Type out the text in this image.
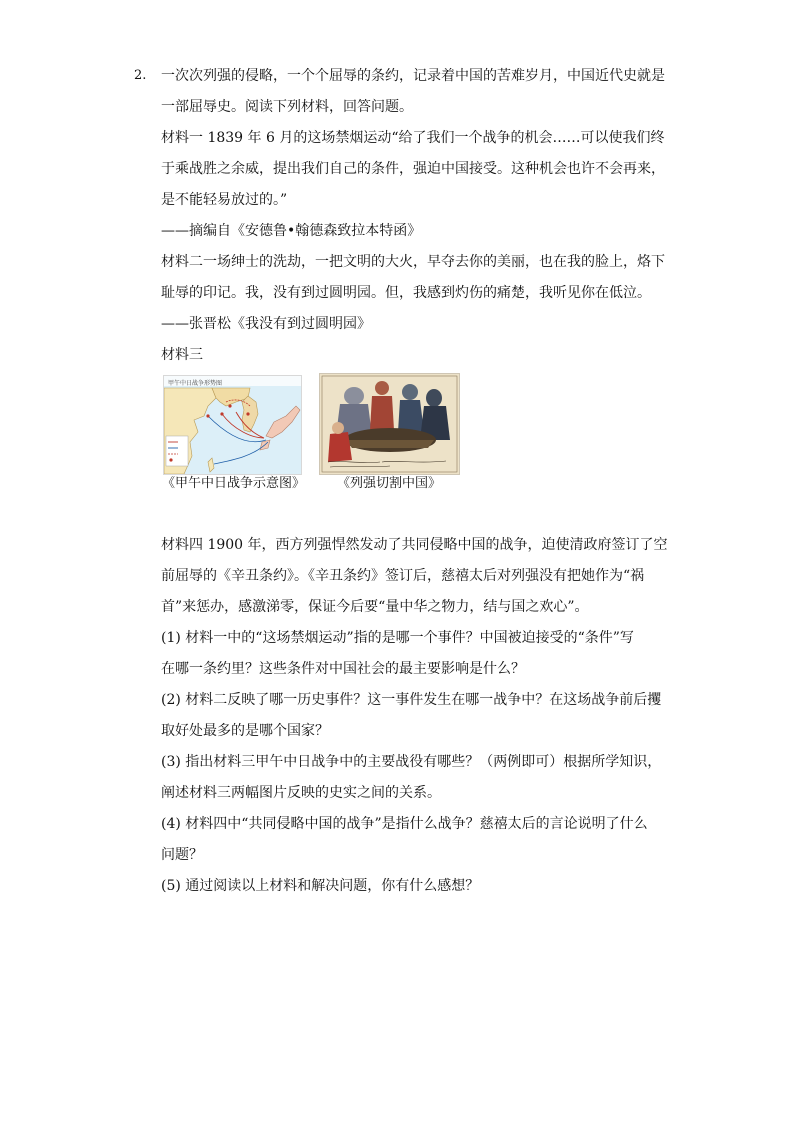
2. 一次次列强的侵略，一个个屈辱的条约，记录着中国的苦难岁月，中国近代史就是
一部屈辱史。阅读下列材料，回答问题。
材料一 1839 年 6 月的这场禁烟运动“给了我们一个战争的机会……可以使我们终
于乘战胜之余威，提出我们自己的条件，强迫中国接受。这种机会也许不会再来，
是不能轻易放过的。”
——摘编自《安德鲁•翰德森致拉本特函》
材料二一场绅士的洗劫，一把文明的大火，早夺去你的美丽，也在我的脸上，烙下
耻辱的印记。我，没有到过圆明园。但，我感到灼伤的痛楚，我听见你在低泣。
——张晋松《我没有到过圆明园》
材料三
甲午中日战争形势图
《甲午中日战争示意图》 《列强切割中国》
材料四 1900 年，西方列强悍然发动了共同侵略中国的战争，迫使清政府签订了空
前屈辱的《辛丑条约》。《辛丑条约》签订后，慈禧太后对列强没有把她作为“祸
首”来惩办，感激涕零，保证今后要“量中华之物力，结与国之欢心”。
(1) 材料一中的“这场禁烟运动”指的是哪一个事件？中国被迫接受的“条件”写
在哪一条约里？这些条件对中国社会的最主要影响是什么？
(2) 材料二反映了哪一历史事件？这一事件发生在哪一战争中？在这场战争前后攫
取好处最多的是哪个国家？
(3) 指出材料三甲午中日战争中的主要战役有哪些？（两例即可）根据所学知识，
阐述材料三两幅图片反映的史实之间的关系。
(4) 材料四中“共同侵略中国的战争”是指什么战争？慈禧太后的言论说明了什么
问题？
(5) 通过阅读以上材料和解决问题，你有什么感想？
